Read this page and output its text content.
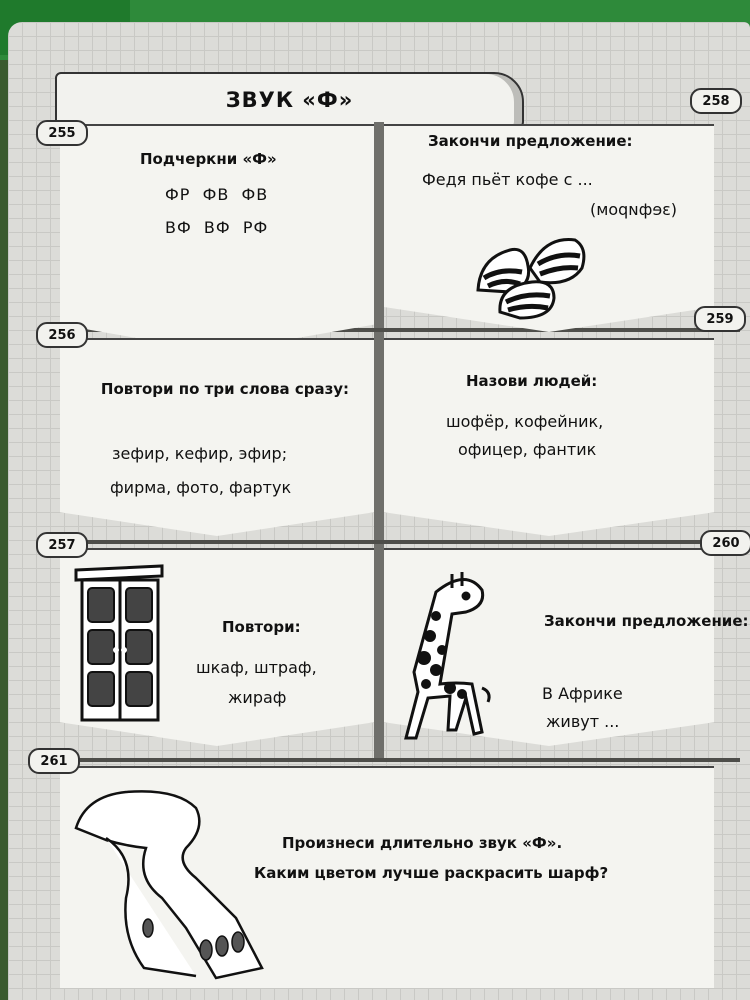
ЗВУК «Ф»
255
258
Подчеркни «Ф»
ФР  ФВ  ФВ
ВФ  ВФ  РФ
Закончи предложение:
Федя пьёт кофе с ...
(зефиром)
256
259
Повтори по три слова сразу:
зефир, кефир, эфир;
фирма, фото, фартук
Назови людей:
шофёр, кофейник,
офицер, фантик
257	260
Повтори:
шкаф, штраф,
жираф
Закончи предложение:
В Африке
живут ...
261
Произнеси длительно звук «Ф».
Каким цветом лучше раскрасить шарф?
